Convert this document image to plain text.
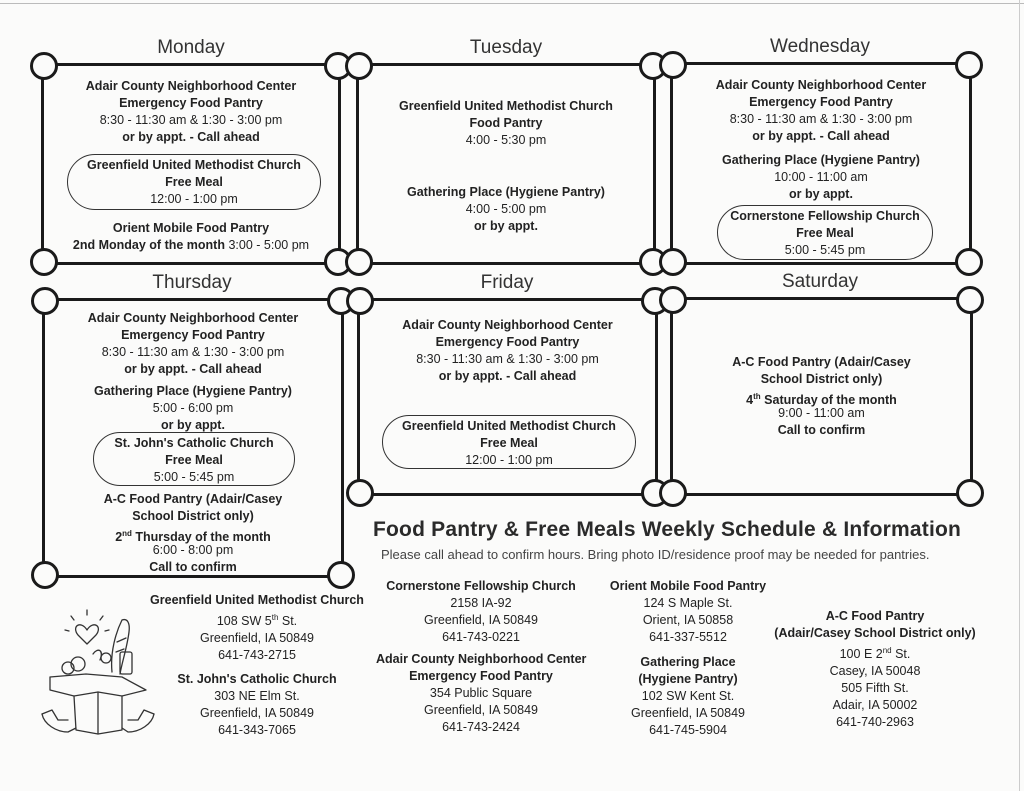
Monday
Adair County Neighborhood Center
Emergency Food Pantry
8:30 - 11:30 am & 1:30 - 3:00 pm
or by appt. - Call ahead
Greenfield United Methodist Church
Free Meal
12:00 - 1:00 pm
Orient Mobile Food Pantry
2nd Monday of the month 3:00 - 5:00 pm
Tuesday
Greenfield United Methodist Church
Food Pantry
4:00 - 5:30 pm
Gathering Place (Hygiene Pantry)
4:00 - 5:00 pm
or by appt.
Wednesday
Adair County Neighborhood Center
Emergency Food Pantry
8:30 - 11:30 am & 1:30 - 3:00 pm
or by appt. - Call ahead
Gathering Place (Hygiene Pantry)
10:00 - 11:00 am
or by appt.
Cornerstone Fellowship Church
Free Meal
5:00 - 5:45 pm
Thursday
Adair County Neighborhood Center
Emergency Food Pantry
8:30 - 11:30 am & 1:30 - 3:00 pm
or by appt. - Call ahead
Gathering Place (Hygiene Pantry)
5:00 - 6:00 pm
or by appt.
St. John's Catholic Church
Free Meal
5:00 - 5:45 pm
A-C Food Pantry (Adair/Casey
School District only)
2nd Thursday of the month
6:00 - 8:00 pm
Call to confirm
Friday
Adair County Neighborhood Center
Emergency Food Pantry
8:30 - 11:30 am & 1:30 - 3:00 pm
or by appt. - Call ahead
Greenfield United Methodist Church
Free Meal
12:00 - 1:00 pm
Saturday
A-C Food Pantry (Adair/Casey
School District only)
4th Saturday of the month
9:00 - 11:00 am
Call to confirm
Food Pantry & Free Meals Weekly Schedule & Information
Please call ahead to confirm hours. Bring photo ID/residence proof may be needed for pantries.
Greenfield United Methodist Church
108 SW 5th St.
Greenfield, IA 50849
641-743-2715
St. John's Catholic Church
303 NE Elm St.
Greenfield, IA 50849
641-343-7065
Cornerstone Fellowship Church
2158 IA-92
Greenfield, IA 50849
641-743-0221
Adair County Neighborhood Center
Emergency Food Pantry
354 Public Square
Greenfield, IA 50849
641-743-2424
Orient Mobile Food Pantry
124 S Maple St.
Orient, IA 50858
641-337-5512
Gathering Place
(Hygiene Pantry)
102 SW Kent St.
Greenfield, IA 50849
641-745-5904
A-C Food Pantry
(Adair/Casey School District only)
100 E 2nd St.
Casey, IA 50048
505 Fifth St.
Adair, IA 50002
641-740-2963
